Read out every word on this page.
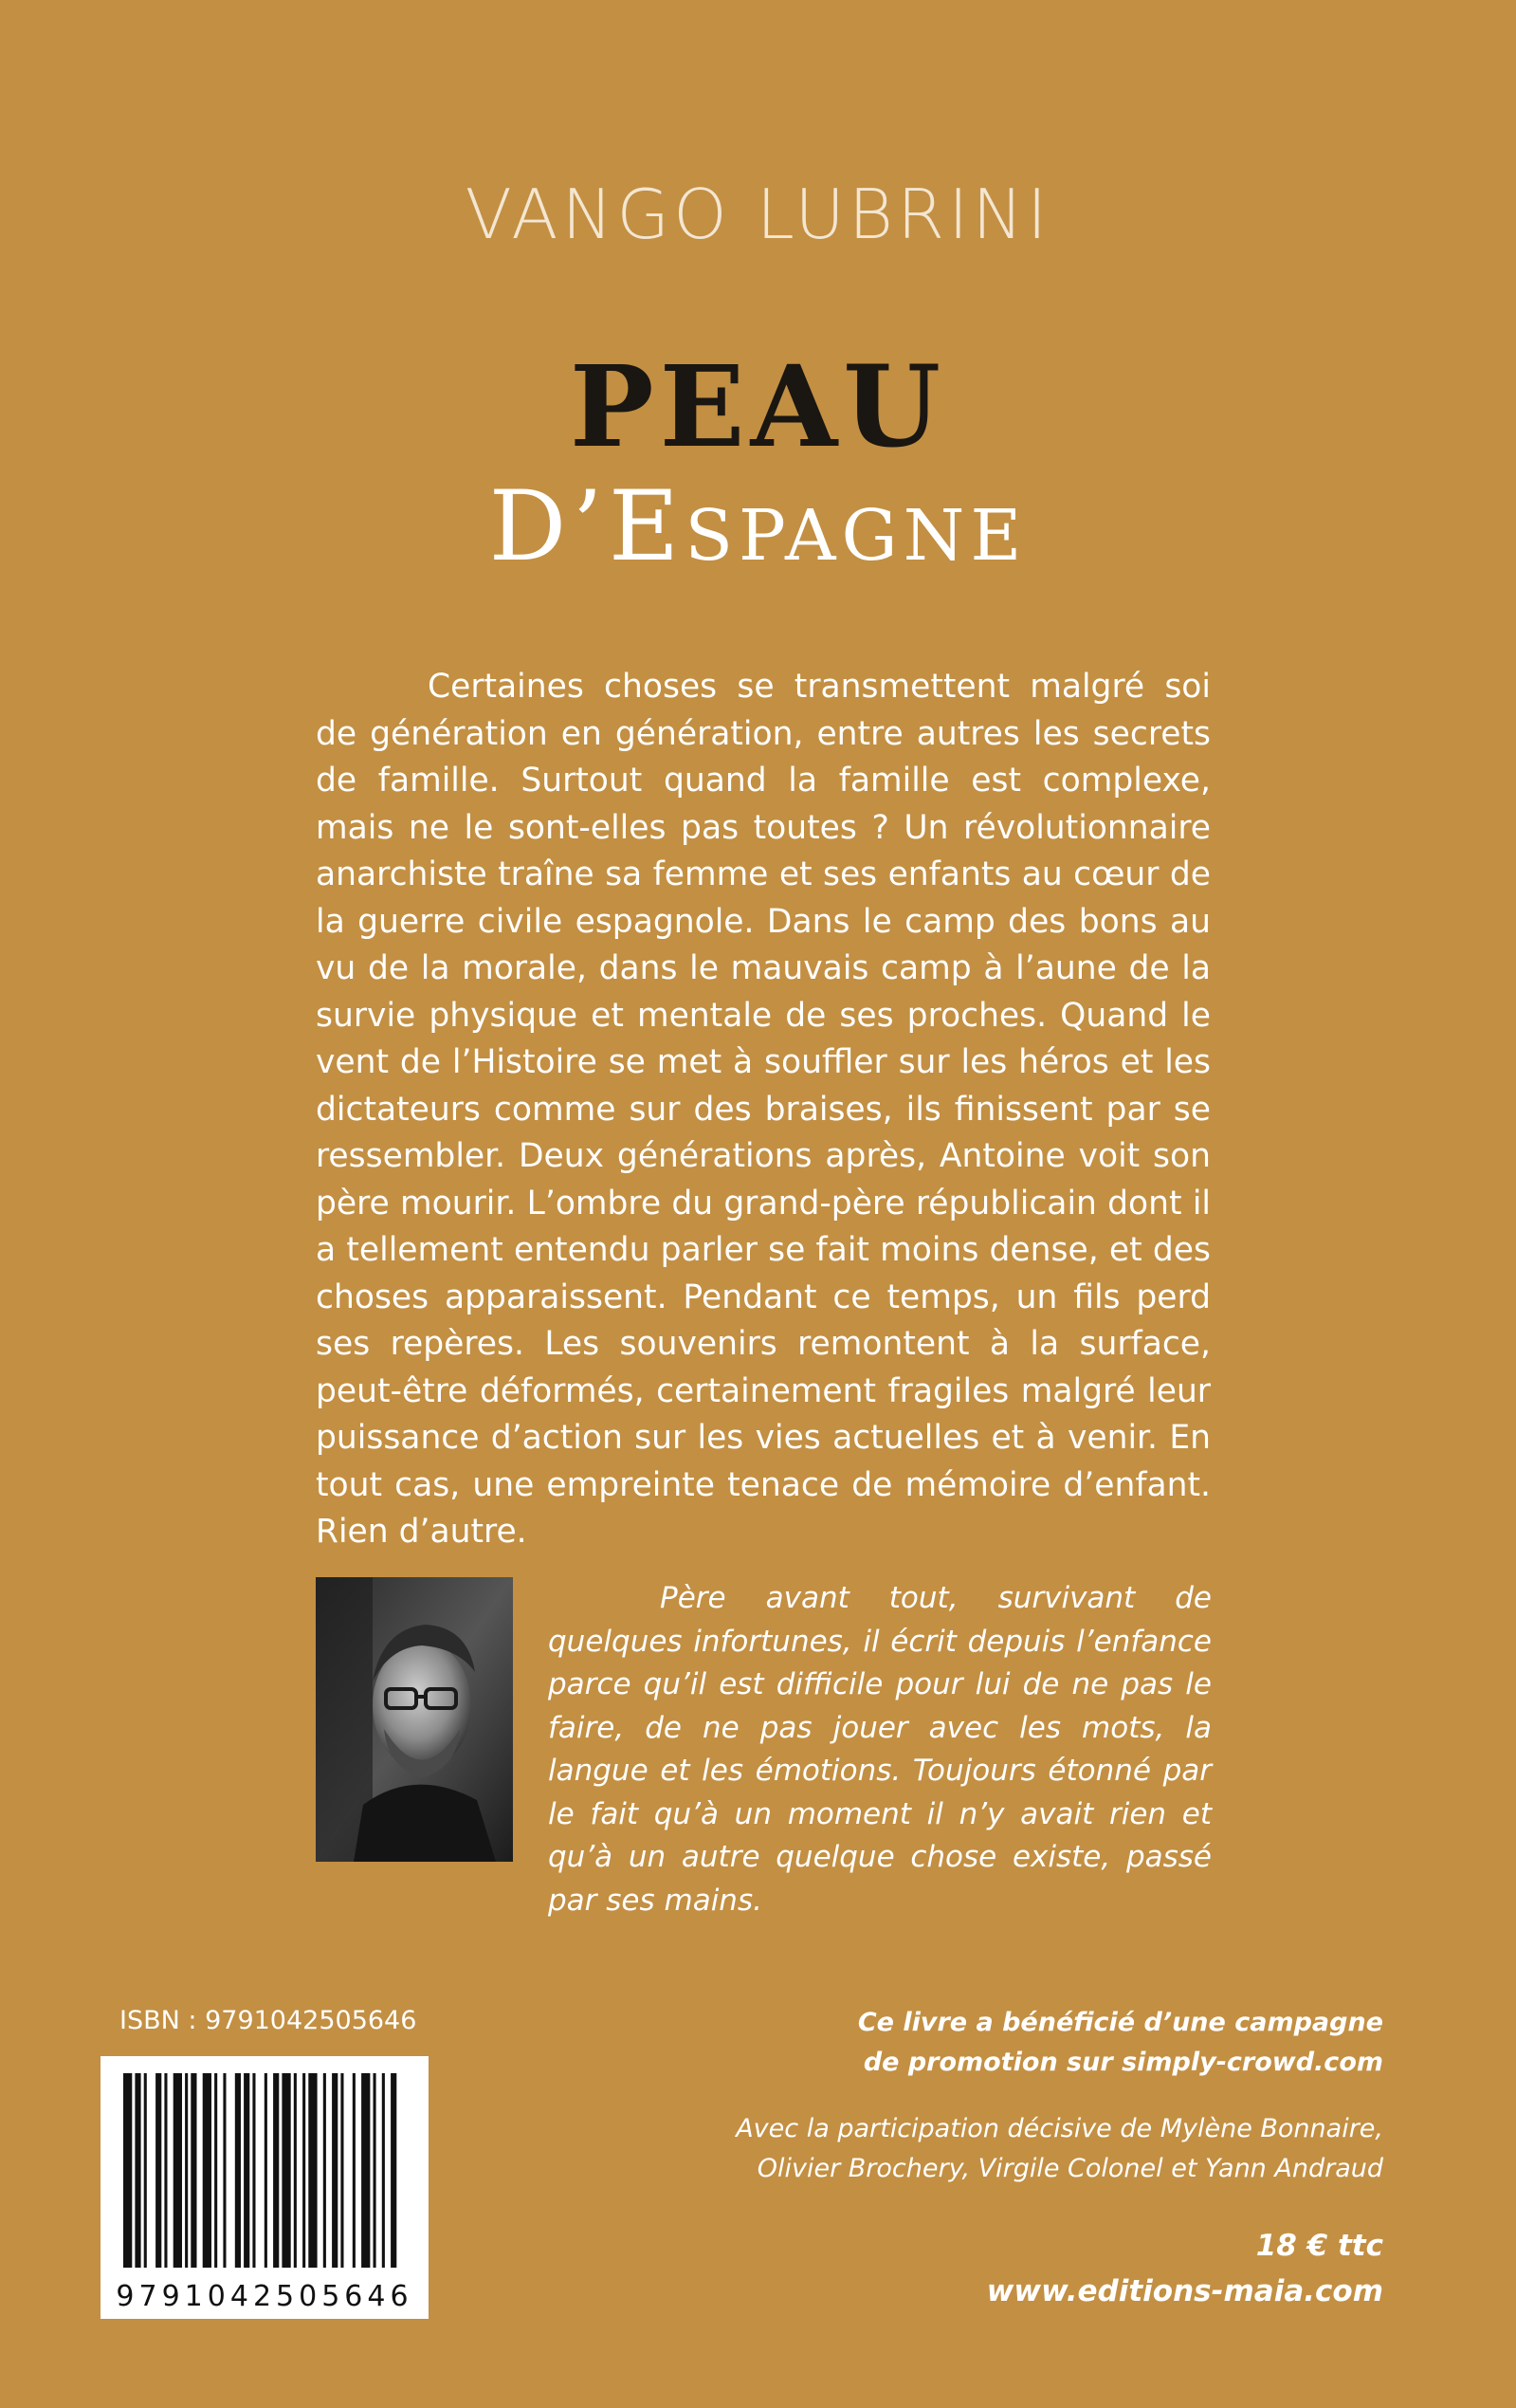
VANGO LUBRINI
PEAU
D’ESPAGNE

Certaines choses se transmettent malgré soi de génération en génération, entre autres les secrets de famille. Surtout quand la famille est complexe, mais ne le sont-elles pas toutes ? Un révolutionnaire anarchiste traîne sa femme et ses enfants au cœur de la guerre civile espagnole. Dans le camp des bons au vu de la morale, dans le mauvais camp à l’aune de la survie physique et mentale de ses proches. Quand le vent de l’Histoire se met à souffler sur les héros et les dictateurs comme sur des braises, ils finissent par se ressembler. Deux générations après, Antoine voit son père mourir. L’ombre du grand-père républicain dont il a tellement entendu parler se fait moins dense, et des choses apparaissent. Pendant ce temps, un fils perd ses repères. Les souvenirs remontent à la surface, peut-être déformés, certainement fragiles malgré leur puissance d’action sur les vies actuelles et à venir. En tout cas, une empreinte tenace de mémoire d’enfant. Rien d’autre.

Père avant tout, survivant de quelques infortunes, il écrit depuis l’enfance parce qu’il est difficile pour lui de ne pas le faire, de ne pas jouer avec les mots, la langue et les émotions. Toujours étonné par le fait qu’à un moment il n’y avait rien et qu’à un autre quelque chose existe, passé par ses mains.

ISBN : 9791042505646
9791042505646
Ce livre a bénéficié d’une campagne
de promotion sur simply-crowd.com
Avec la participation décisive de Mylène Bonnaire,
Olivier Brochery, Virgile Colonel et Yann Andraud
18 € ttc
www.editions-maia.com
